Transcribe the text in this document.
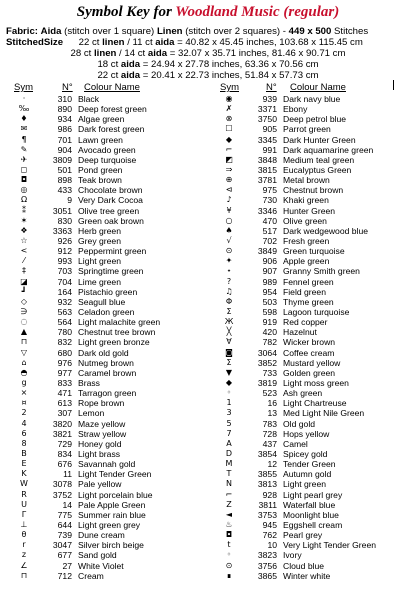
Symbol Key for Woodland Music (regular)
Fabric: Aida (stitch over 1 square) Linen (stitch over 2 squares) - 449 x 500 Stitches
StitchedSize 22 ct linen / 11 ct aida = 40.82 x 45.45 inches, 103.68 x 115.45 cm
28 ct linen / 14 ct aida = 32.07 x 35.71 inches, 81.46 x 90.71 cm
18 ct aida = 24.94 x 27.78 inches, 63.36 x 70.56 cm
22 ct aida = 20.41 x 22.73 inches, 51.84 x 57.73 cm
Sym	N° Colour Name	Sym	N° Colour Name
·	310	Black
‰	890	Deep forest green
♦	934	Algae green
✉	986	Dark forest green
¶	701	Lawn green
✎	904	Avocado green
✈	3809	Deep turquoise
◻	501	Pond green
◘	898	Teak brown
◎	433	Chocolate brown
Ω	9	Very Dark Cocoa
⁑	3051	Olive tree green
✶	830	Green oak brown
❖	3363	Herb green
☆	926	Grey green
<	912	Peppermint green
⁄	993	Light green
‡	703	Springtime green
◪	704	Lime green
┛	164	Pistachio green
◇	932	Seagull blue
∋	563	Celadon green
◌	564	Light malachite green
▲	780	Chestnut tree brown
⊓	832	Light green bronze
▽	680	Dark old gold
⌂	976	Nutmeg brown
◓	977	Caramel brown
g	833	Brass
×	471	Tarragon green
¤	613	Rope brown
2	307	Lemon
4	3820	Maze yellow
6	3821	Straw yellow
8	729	Honey gold
B	834	Light brass
E	676	Savannah gold
K	11	Light Tender Green
W	3078	Pale yellow
R	3752	Light porcelain blue
U	14	Pale Apple Green
Γ	775	Summer rain blue
⊥	644	Light green grey
θ	739	Dune cream
r	3047	Silver birch beige
z	677	Sand gold
∠	27	White Violet
⊓	712	Cream
◉	939	Dark navy blue
✗	3371	Ebony
⊗	3750	Deep petrol blue
☐	905	Parrot green
◆	3345	Dark Hunter Green
⌐	991	Dark aquamarine green
◩	3848	Medium teal green
⇒	3815	Eucalyptus Green
⊕	3781	Metal brown
⊲	975	Chestnut brown
♪	730	Khaki green
¥	3346	Hunter Green
○	470	Olive green
♠	517	Dark wedgewood blue
√	702	Fresh green
⊙	3849	Green turquoise
✦	906	Apple green
⋆	907	Granny Smith green
?	989	Fennel green
♫	954	Field green
Φ	503	Thyme green
Σ	598	Lagoon turquoise
Ж	919	Red copper
╳	420	Hazelnut
∀	782	Wicker brown
◙	3064	Coffee cream
Σ	3852	Mustard yellow
▼	733	Golden green
◆	3819	Light moss green
◦	523	Ash green
1	16	Light Chartreuse
3	13	Med Light Nile Green
5	783	Old gold
7	728	Hops yellow
A	437	Camel
D	3854	Spicey gold
M	12	Tender Green
T	3855	Autumn gold
N	3813	Light green
⌐	928	Light pearl grey
Z	3811	Waterfall blue
◄	3753	Moonlight blue
♨	945	Eggshell cream
◘	762	Pearl grey
t	10	Very Light Tender Green
◦	3823	Ivory
⊙	3756	Cloud blue
∎	3865	Winter white
